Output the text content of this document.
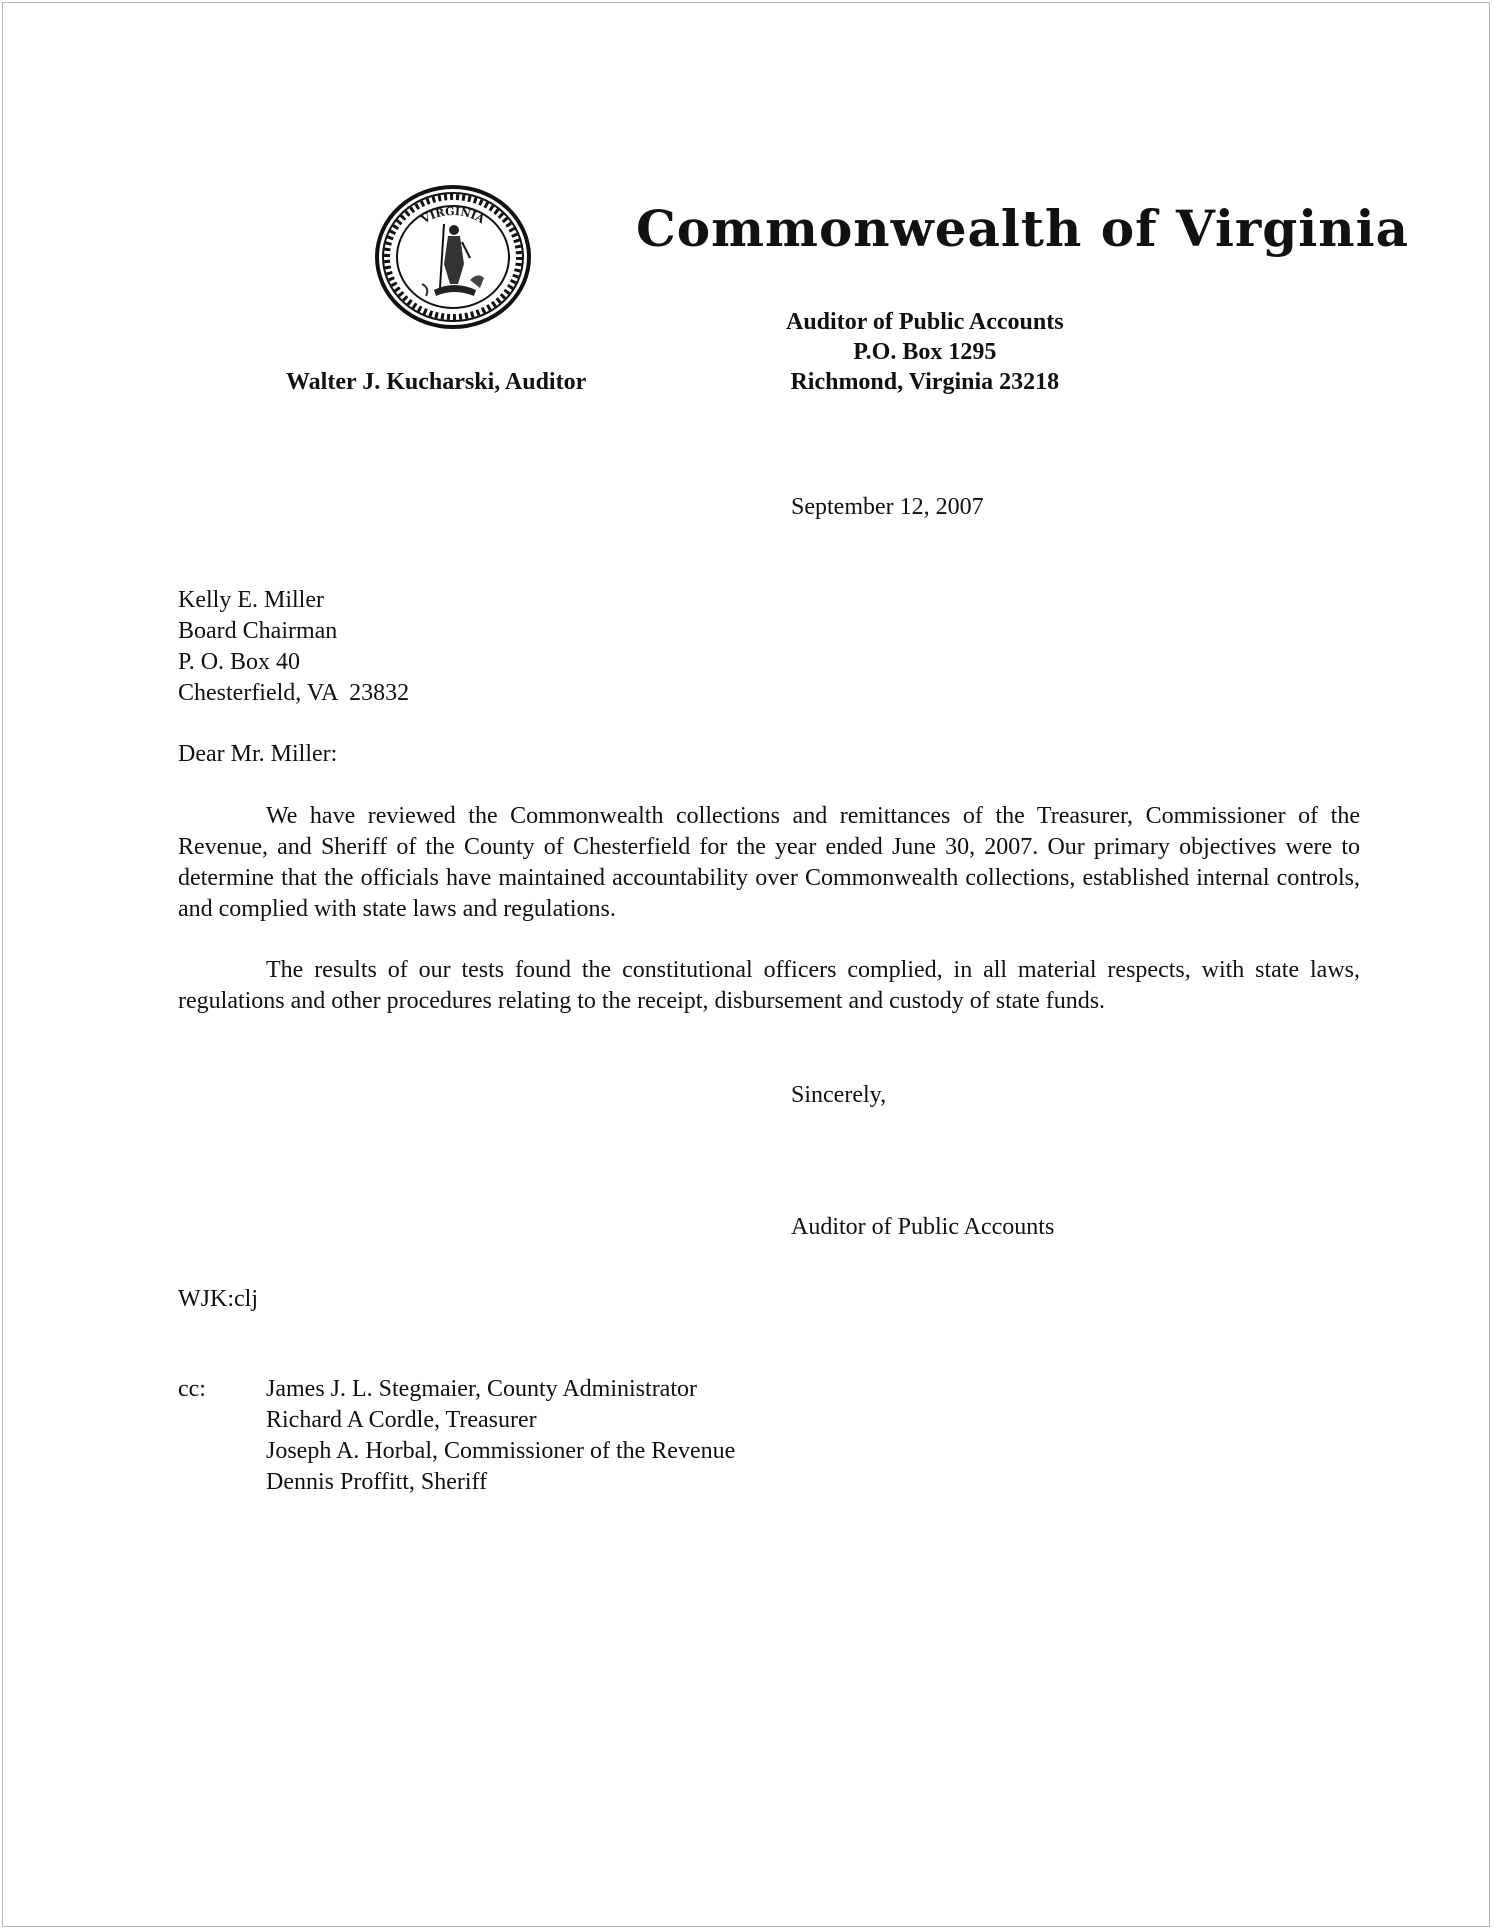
VIRGINIA	Commonwealth of Virginia
Walter J. Kucharski, Auditor
Auditor of Public Accounts
P.O. Box 1295
Richmond, Virginia 23218
September 12, 2007
Kelly E. Miller
Board Chairman
P. O. Box 40
Chesterfield, VA  23832
Dear Mr. Miller:
We have reviewed the Commonwealth collections and remittances of the Treasurer, Commissioner of the Revenue, and Sheriff of the County of Chesterfield for the year ended June 30, 2007. Our primary objectives were to determine that the officials have maintained accountability over Commonwealth collections, established internal controls, and complied with state laws and regulations.
The results of our tests found the constitutional officers complied, in all material respects, with state laws, regulations and other procedures relating to the receipt, disbursement and custody of state funds.
Sincerely,
Auditor of Public Accounts
WJK:clj
cc:	James J. L. Stegmaier, County Administrator
Richard A Cordle, Treasurer
Joseph A. Horbal, Commissioner of the Revenue
Dennis Proffitt, Sheriff
